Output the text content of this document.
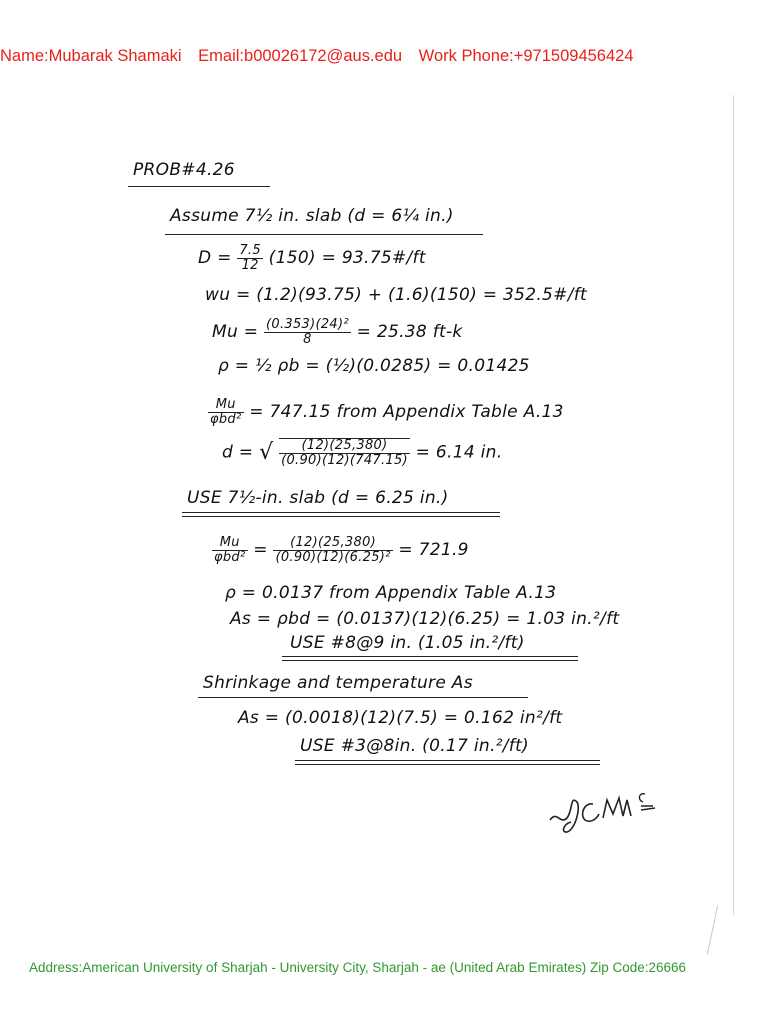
Name:Mubarak Shamaki Email:b00026172@aus.edu Work Phone:+971509456424
PROB#4.26
Assume 7½ in. slab (d = 6¼ in.)
$D = \frac{7.5}{12} (150)$ = 93.75#/ft
wu = (1.2)(93.75) + (1.6)(150) = 352.5#/ft
$Mu = \frac{\text{(0.353)(24)²}}{8} = 25.38$ ft-k
ρ = ½ ρb = (½)(0.0285) = 0.01425
$\frac{Mu}{\text{φbd²}} = 747.15$ from Appendix Table A.13
d = √ $\frac{(12)(25,380)}{(0.90)(12)(747.15)} = 6.14$ in.
USE 7½-in. slab (d = 6.25 in.)
$\frac{Mu}{\text{φbd²}} = \frac{(12)(25,380)}{\text{(0.90)(12)(6.25)²}} = 721.9$
ρ = 0.0137 from Appendix Table A.13
As = ρbd = (0.0137)(12)(6.25) = 1.03 in.²/ft
USE #8@9 in. (1.05 in.²/ft)
Shrinkage and temperature As
As = (0.0018)(12)(7.5) = 0.162 in²/ft
USE #3@8in. (0.17 in.²/ft)
Address:American University of Sharjah - University City, Sharjah - ae (United Arab Emirates) Zip Code:26666
